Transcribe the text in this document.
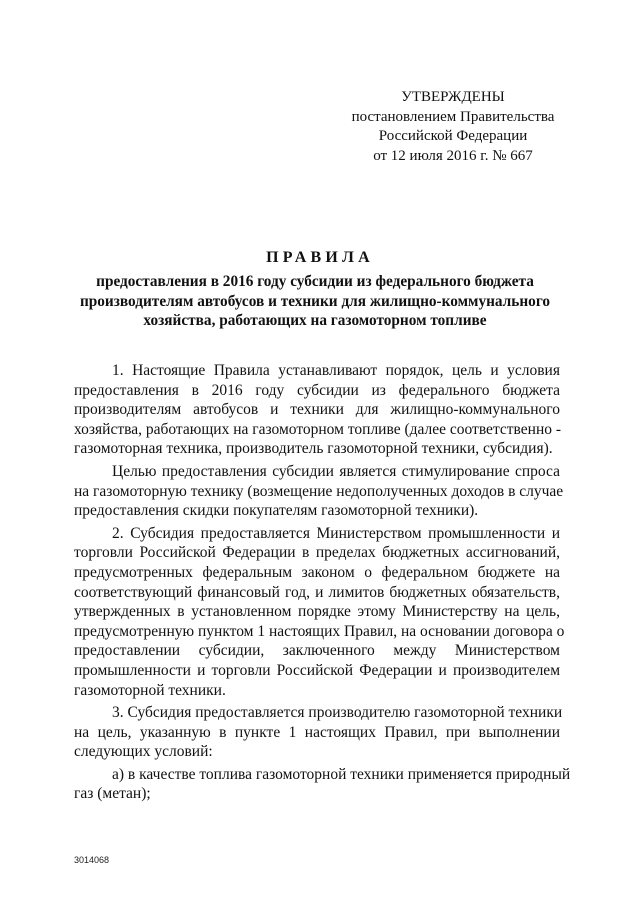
УТВЕРЖДЕНЫ
постановлением Правительства
Российской Федерации
от 12 июля 2016 г. № 667
ПРАВИЛА
предоставления в 2016 году субсидии из федерального бюджета
производителям автобусов и техники для жилищно-коммунального
хозяйства, работающих на газомоторном топливе
1. Настоящие Правила устанавливают порядок, цель и условия
предоставления в 2016 году субсидии из федерального бюджета
производителям автобусов и техники для жилищно-коммунального
хозяйства, работающих на газомоторном топливе (далее соответственно -
газомоторная техника, производитель газомоторной техники, субсидия).
Целью предоставления субсидии является стимулирование спроса
на газомоторную технику (возмещение недополученных доходов в случае
предоставления скидки покупателям газомоторной техники).
2. Субсидия предоставляется Министерством промышленности и
торговли Российской Федерации в пределах бюджетных ассигнований,
предусмотренных федеральным законом о федеральном бюджете на
соответствующий финансовый год, и лимитов бюджетных обязательств,
утвержденных в установленном порядке этому Министерству на цель,
предусмотренную пунктом 1 настоящих Правил, на основании договора о
предоставлении субсидии, заключенного между Министерством
промышленности и торговли Российской Федерации и производителем
газомоторной техники.
3. Субсидия предоставляется производителю газомоторной техники
на цель, указанную в пункте 1 настоящих Правил, при выполнении
следующих условий:
а) в качестве топлива газомоторной техники применяется природный
газ (метан);
3014068
